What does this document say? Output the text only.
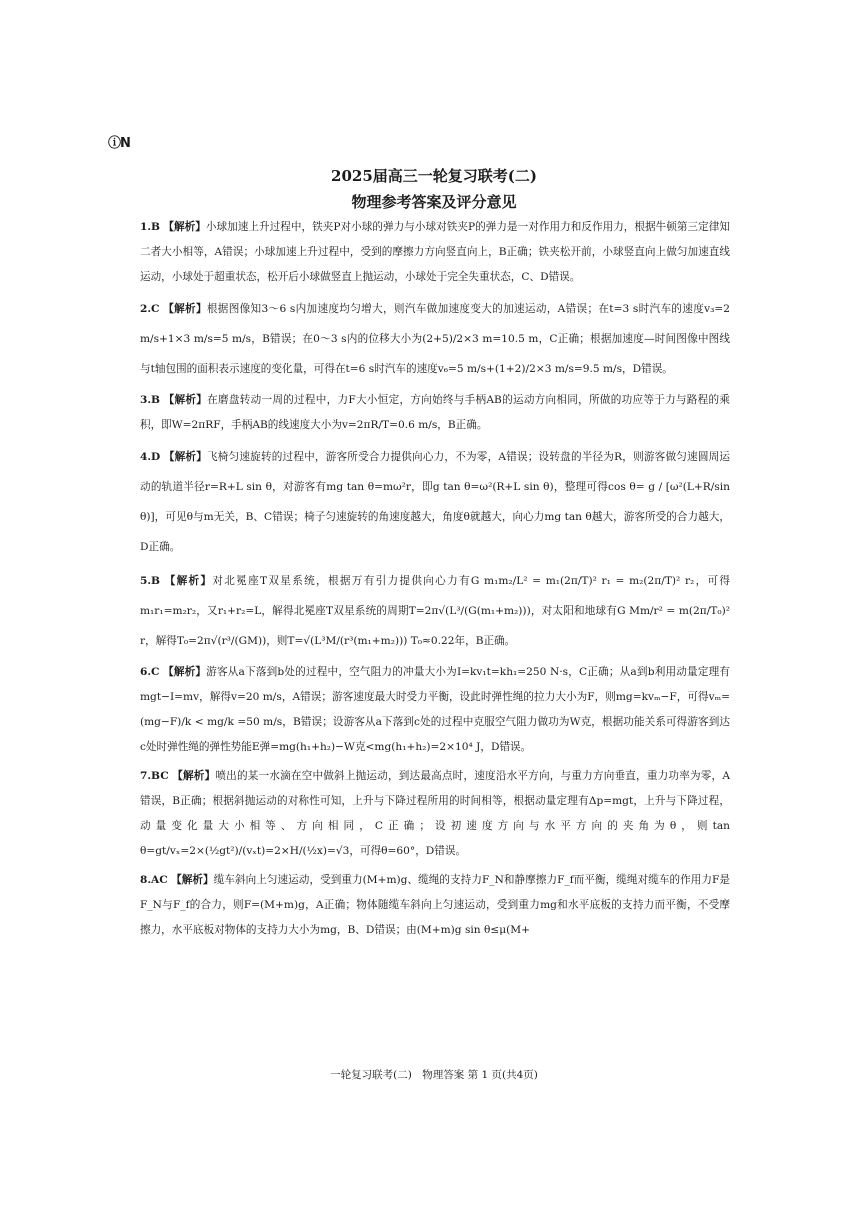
ⓘN
2025届高三一轮复习联考(二)
物理参考答案及评分意见

1.B 【解析】小球加速上升过程中，铁夹P对小球的弹力与小球对铁夹P的弹力是一对作用力和反作用力，根据牛顿第三定律知二者大小相等，A错误；小球加速上升过程中，受到的摩擦力方向竖直向上，B正确；铁夹松开前，小球竖直向上做匀加速直线运动，小球处于超重状态，松开后小球做竖直上抛运动，小球处于完全失重状态，C、D错误。

2.C 【解析】根据图像知3～6 s内加速度均匀增大，则汽车做加速度变大的加速运动，A错误；在t=3 s时汽车的速度v₃=2 m/s+1×3 m/s=5 m/s，B错误；在0～3 s内的位移大小为(2+5)/2×3 m=10.5 m，C正确；根据加速度—时间图像中图线与t轴包围的面积表示速度的变化量，可得在t=6 s时汽车的速度v₆=5 m/s+(1+2)/2×3 m/s=9.5 m/s，D错误。

3.B 【解析】在磨盘转动一周的过程中，力F大小恒定，方向始终与手柄AB的运动方向相同，所做的功应等于力与路程的乘积，即W=2πRF，手柄AB的线速度大小为v=2πR/T=0.6 m/s，B正确。

4.D 【解析】飞椅匀速旋转的过程中，游客所受合力提供向心力，不为零，A错误；设转盘的半径为R，则游客做匀速圆周运动的轨道半径r=R+L sin θ，对游客有mg tan θ=mω²r，即g tan θ=ω²(R+L sin θ)，整理可得cos θ= g / [ω²(L+R/sin θ)]，可见θ与m无关，B、C错误；椅子匀速旋转的角速度越大，角度θ就越大，向心力mg tan θ越大，游客所受的合力越大，D正确。

5.B 【解析】对北冕座T双星系统，根据万有引力提供向心力有G m₁m₂/L² = m₁(2π/T)² r₁ = m₂(2π/T)² r₂，可得m₁r₁=m₂r₂，又r₁+r₂=L，解得北冕座T双星系统的周期T=2π√(L³/(G(m₁+m₂)))，对太阳和地球有G Mm/r² = m(2π/T₀)² r，解得T₀=2π√(r³/(GM))，则T=√(L³M/(r³(m₁+m₂))) T₀≈0.22年，B正确。

6.C 【解析】游客从a下落到b处的过程中，空气阻力的冲量大小为I=kv₁t=kh₁=250 N·s，C正确；从a到b利用动量定理有mgt−I=mv，解得v=20 m/s，A错误；游客速度最大时受力平衡，设此时弹性绳的拉力大小为F，则mg=kvₘ−F，可得vₘ=(mg−F)/k < mg/k =50 m/s，B错误；设游客从a下落到c处的过程中克服空气阻力做功为W克，根据功能关系可得游客到达c处时弹性绳的弹性势能E弹=mg(h₁+h₂)−W克<mg(h₁+h₂)=2×10⁴ J，D错误。

7.BC 【解析】喷出的某一水滴在空中做斜上抛运动，到达最高点时，速度沿水平方向，与重力方向垂直，重力功率为零，A错误，B正确；根据斜抛运动的对称性可知，上升与下降过程所用的时间相等，根据动量定理有Δp=mgt，上升与下降过程，动量变化量大小相等、方向相同，C正确；设初速度方向与水平方向的夹角为θ，则tan θ=gt/vₓ=2×(½gt²)/(vₓt)=2×H/(½x)=√3，可得θ=60°，D错误。

8.AC 【解析】缆车斜向上匀速运动，受到重力(M+m)g、缆绳的支持力F_N和静摩擦力F_f而平衡，缆绳对缆车的作用力F是F_N与F_f的合力，则F=(M+m)g，A正确；物体随缆车斜向上匀速运动，受到重力mg和水平底板的支持力而平衡，不受摩擦力，水平底板对物体的支持力大小为mg，B、D错误；由(M+m)g sin θ≤μ(M+

一轮复习联考(二)　物理答案 第 1 页(共4页)
